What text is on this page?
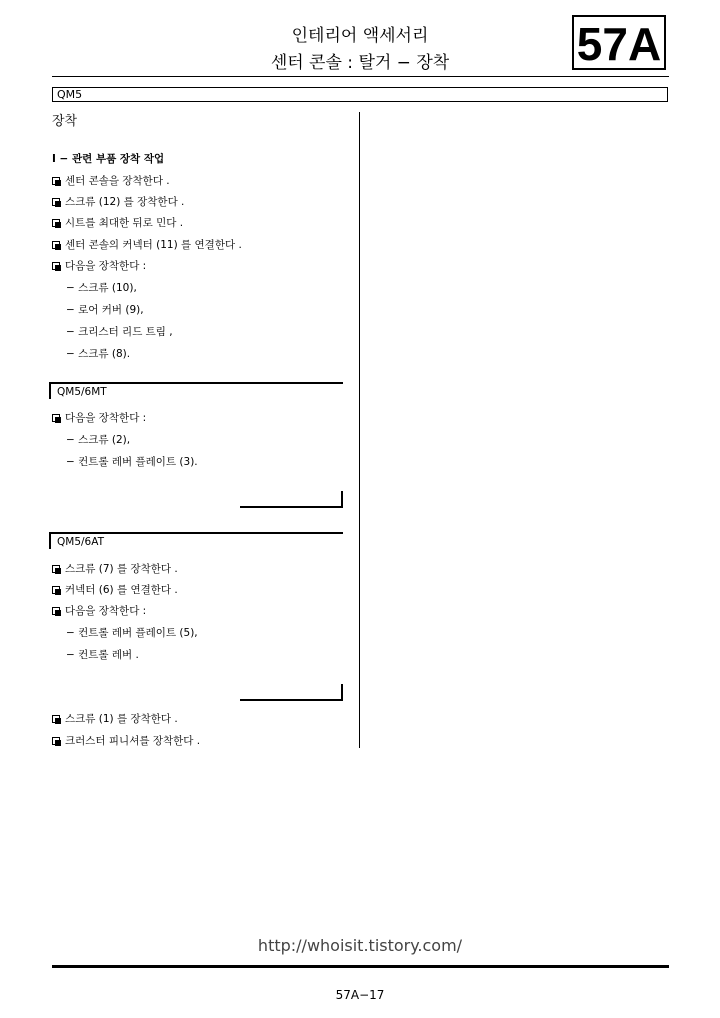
인테리어 액세서리
센터 콘솔 : 탈거 − 장착	57A
QM5
장착
I − 관련 부품 장착 작업
센터 콘솔을 장착한다 .
스크류 (12) 를 장착한다 .
시트를 최대한 뒤로 민다 .
센터 콘솔의 커넥터 (11) 를 연결한다 .
다음을 장착한다 :
− 스크류 (10),
− 로어 커버 (9),
− 크리스터 리드 트림 ,
− 스크류 (8).
QM5/6MT
다음을 장착한다 :
− 스크류 (2),
− 컨트롤 레버 플레이트 (3).
QM5/6AT
스크류 (7) 를 장착한다 .
커넥터 (6) 를 연결한다 .
다음을 장착한다 :
− 컨트롤 레버 플레이트 (5),
− 컨트롤 레버 .
스크류 (1) 를 장착한다 .
크러스터 피니셔를 장착한다 .
http://whoisit.tistory.com/
57A−17
